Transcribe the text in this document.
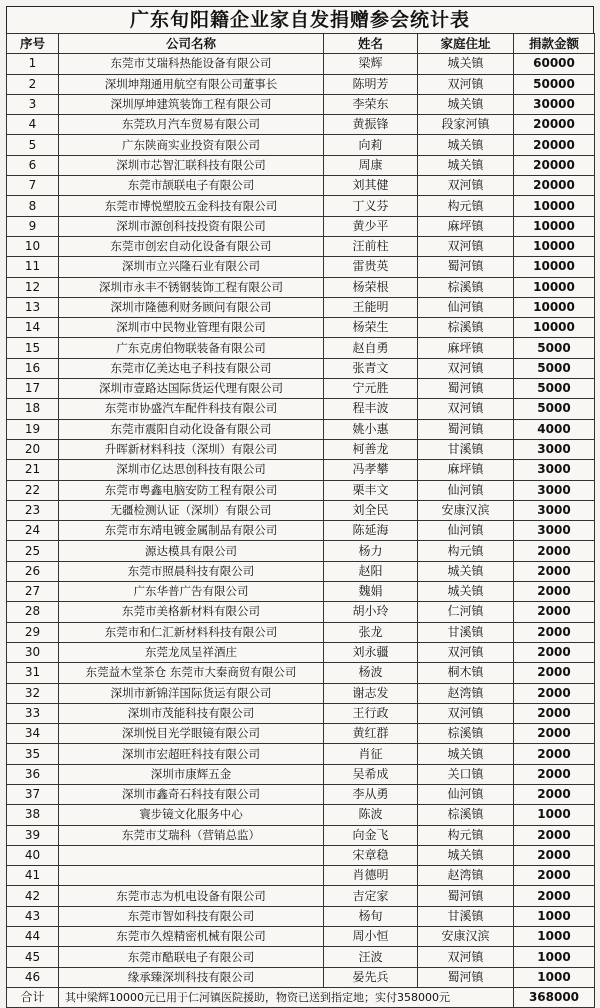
广东旬阳籍企业家自发捐赠参会统计表
序号	公司名称	姓名	家庭住址	捐款金额
1	东莞市艾瑞科热能设备有限公司	梁辉	城关镇	60000
2	深圳坤翔通用航空有限公司董事长	陈明芳	双河镇	50000
3	深圳厚坤建筑装饰工程有限公司	李荣东	城关镇	30000
4	东莞玖月汽车贸易有限公司	黄振锋	段家河镇	20000
5	广东陕商实业投资有限公司	向莉	城关镇	20000
6	深圳市芯智汇联科技有限公司	周康	城关镇	20000
7	东莞市颉联电子有限公司	刘其健	双河镇	20000
8	东莞市博悦塑胶五金科技有限公司	丁义芬	构元镇	10000
9	深圳市源创科技投资有限公司	黄少平	麻坪镇	10000
10	东莞市创宏自动化设备有限公司	汪前柱	双河镇	10000
11	深圳市立兴隆石业有限公司	雷贵英	蜀河镇	10000
12	深圳市永丰不锈钢装饰工程有限公司	杨荣根	棕溪镇	10000
13	深圳市隆德利财务顾问有限公司	王能明	仙河镇	10000
14	深圳市中民物业管理有限公司	杨荣生	棕溪镇	10000
15	广东克虏伯物联装备有限公司	赵自勇	麻坪镇	5000
16	东莞市亿美达电子科技有限公司	张青文	双河镇	5000
17	深圳市壹路达国际货运代理有限公司	宁元胜	蜀河镇	5000
18	东莞市协盛汽车配件科技有限公司	程丰波	双河镇	5000
19	东莞市震阳自动化设备有限公司	姚小惠	蜀河镇	4000
20	升晖新材料科技（深圳）有限公司	柯善龙	甘溪镇	3000
21	深圳市亿达思创科技有限公司	冯孝攀	麻坪镇	3000
22	东莞市粤鑫电脑安防工程有限公司	栗丰文	仙河镇	3000
23	无疆检测认证（深圳）有限公司	刘全民	安康汉滨	3000
24	东莞市东靖电镀金属制品有限公司	陈延海	仙河镇	3000
25	源达模具有限公司	杨力	构元镇	2000
26	东莞市照晨科技有限公司	赵阳	城关镇	2000
27	广东华普广告有限公司	魏娟	城关镇	2000
28	东莞市美格新材料有限公司	胡小玲	仁河镇	2000
29	东莞市和仁汇新材料科技有限公司	张龙	甘溪镇	2000
30	东莞龙凤呈祥酒庄	刘永疆	双河镇	2000
31	东莞益木堂茶仓 东莞市大秦商贸有限公司	杨波	桐木镇	2000
32	深圳市新锦洋国际货运有限公司	谢志发	赵湾镇	2000
33	深圳市茂能科技有限公司	王行政	双河镇	2000
34	深圳悦目光学眼镜有限公司	黄红群	棕溪镇	2000
35	深圳市宏超旺科技有限公司	肖征	城关镇	2000
36	深圳市康辉五金	吴希成	关口镇	2000
37	深圳市鑫奇石科技有限公司	李从勇	仙河镇	2000
38	寰步镜文化服务中心	陈波	棕溪镇	1000
39	东莞市艾瑞科（营销总监）	向金飞	构元镇	2000
40		宋章稳	城关镇	2000
41		肖德明	赵湾镇	2000
42	东莞市志为机电设备有限公司	吉定家	蜀河镇	2000
43	东莞市智如科技有限公司	杨旬	甘溪镇	1000
44	东莞市久煌精密机械有限公司	周小恒	安康汉滨	1000
45	东莞市酷联电子有限公司	汪波	双河镇	1000
46	缘承臻深圳科技有限公司	晏先兵	蜀河镇	1000
合计	其中梁辉10000元已用于仁河镇医院援助，物资已送到指定地；实付358000元			368000
